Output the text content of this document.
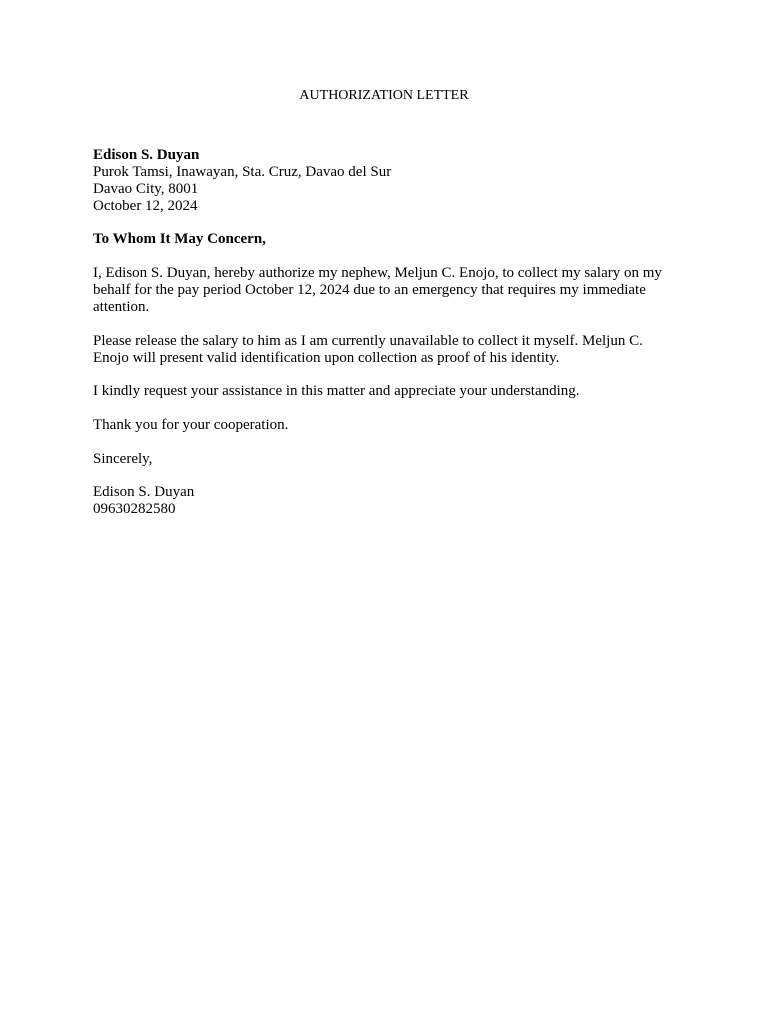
AUTHORIZATION LETTER
Edison S. Duyan
Purok Tamsi, Inawayan, Sta. Cruz, Davao del Sur
Davao City, 8001
October 12, 2024
To Whom It May Concern,

I, Edison S. Duyan, hereby authorize my nephew, Meljun C. Enojo, to collect my salary on my behalf for the pay period October 12, 2024 due to an emergency that requires my immediate attention.

Please release the salary to him as I am currently unavailable to collect it myself. Meljun C. Enojo will present valid identification upon collection as proof of his identity.

I kindly request your assistance in this matter and appreciate your understanding.

Thank you for your cooperation.

Sincerely,
Edison S. Duyan
09630282580
